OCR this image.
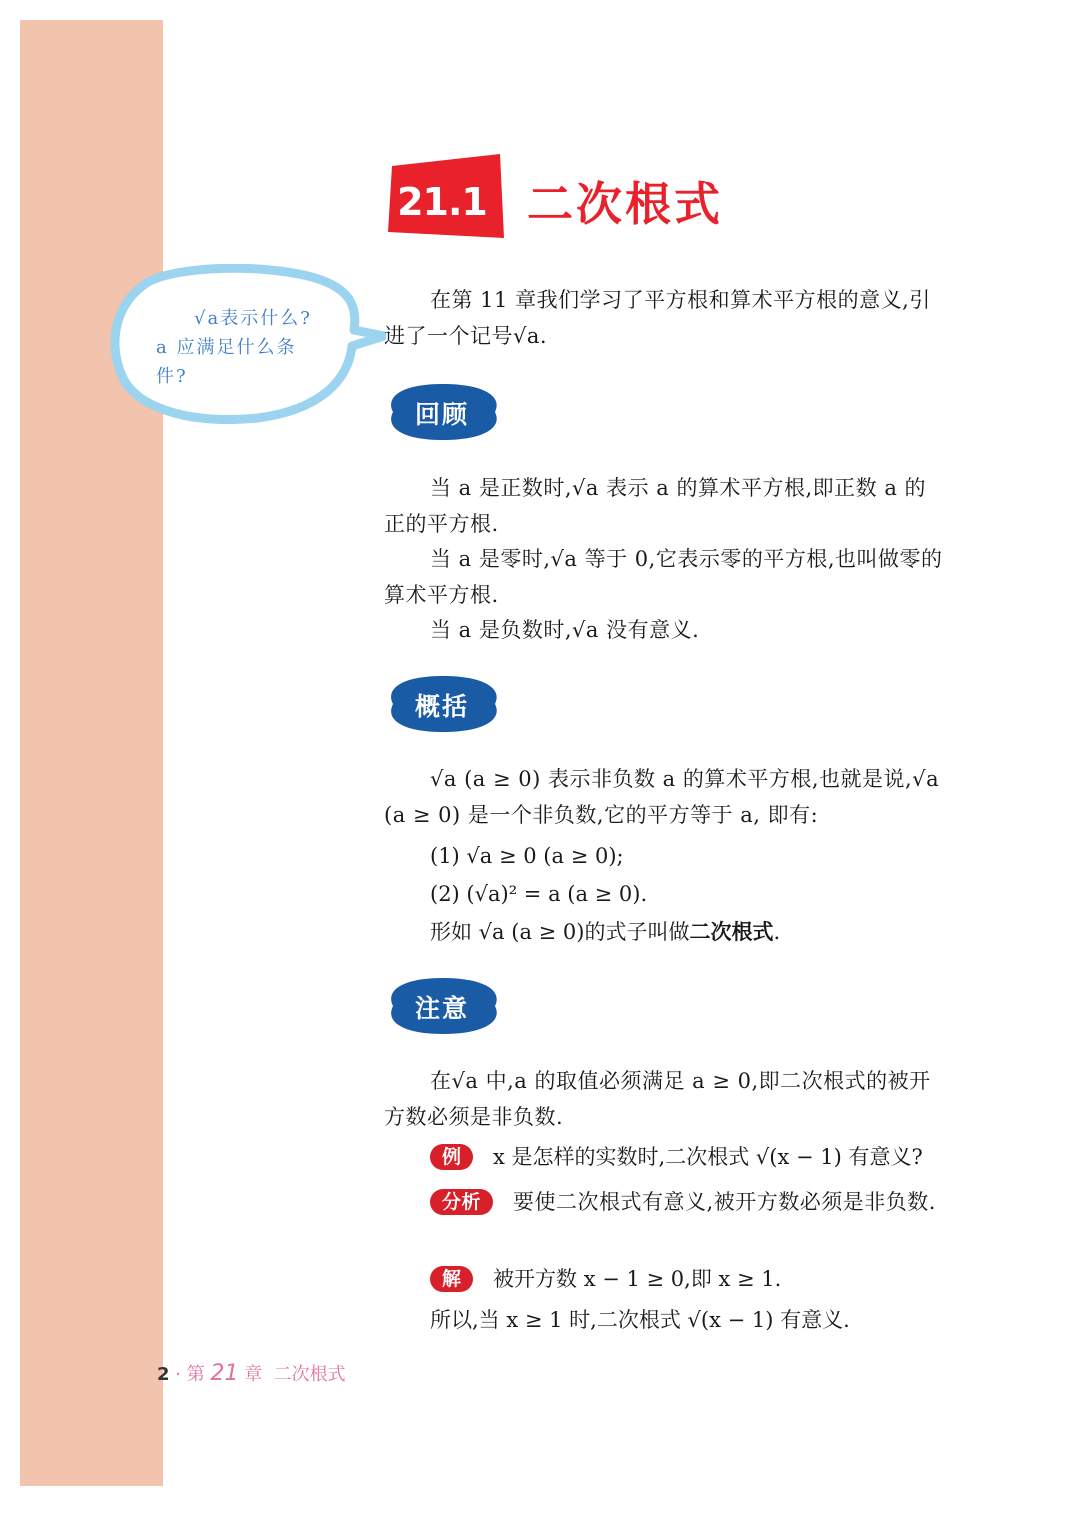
21.1 二次根式
√a表示什么?
a 应满足什么条件?
在第 11 章我们学习了平方根和算术平方根的意义,引进了一个记号√a.
回顾
当 a 是正数时,√a 表示 a 的算术平方根,即正数 a 的正的平方根.
当 a 是零时,√a 等于 0,它表示零的平方根,也叫做零的算术平方根.
当 a 是负数时,√a 没有意义.
概括
√a (a ≥ 0) 表示非负数 a 的算术平方根,也就是说,√a (a ≥ 0) 是一个非负数,它的平方等于 a, 即有:
(1) √a ≥ 0 (a ≥ 0);
(2) (√a)² = a (a ≥ 0).
形如 √a (a ≥ 0)的式子叫做二次根式.
注意
在√a 中,a 的取值必须满足 a ≥ 0,即二次根式的被开方数必须是非负数.
例 x 是怎样的实数时,二次根式 √(x − 1) 有意义?
分析 要使二次根式有意义,被开方数必须是非负数.
解 被开方数 x − 1 ≥ 0,即 x ≥ 1.
所以,当 x ≥ 1 时,二次根式 √(x − 1) 有意义.
2 · 第 21 章 二次根式
